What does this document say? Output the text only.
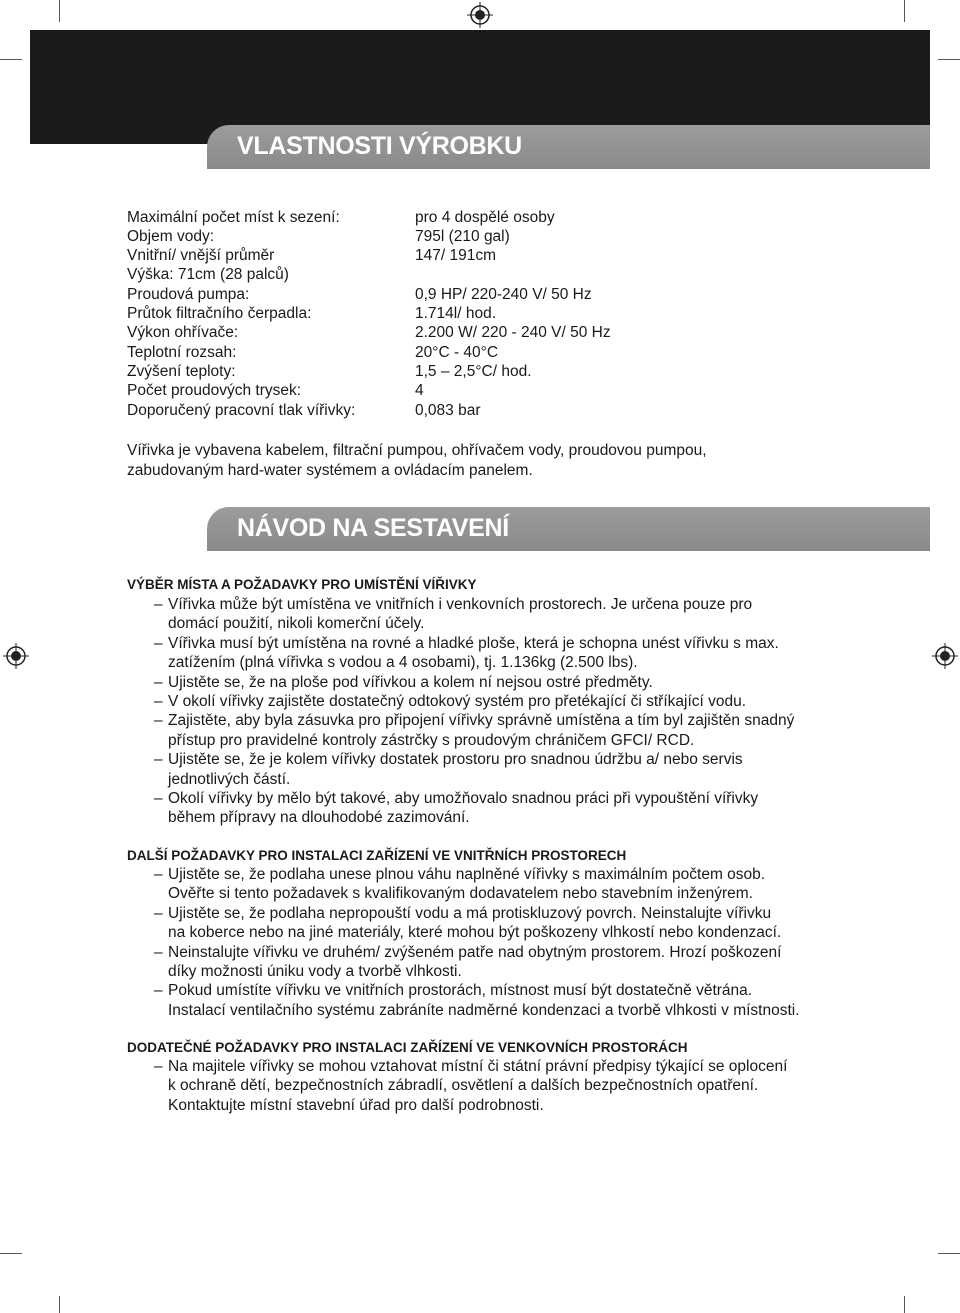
VLASTNOSTI VÝROBKU
Maximální počet míst k sezení:	pro 4 dospělé osoby
Objem vody:	795l (210 gal)
Vnitřní/ vnější průměr	147/ 191cm
Výška: 71cm (28 palců)
Proudová pumpa:	0,9 HP/ 220-240 V/ 50 Hz
Průtok filtračního čerpadla:	1.714l/ hod.
Výkon ohřívače:	2.200 W/ 220 - 240 V/ 50 Hz
Teplotní rozsah:	20°C - 40°C
Zvýšení teploty:	1,5 – 2,5°C/ hod.
Počet proudových trysek:	4
Doporučený pracovní tlak vířivky:	0,083 bar
Vířivka je vybavena kabelem, filtrační pumpou, ohřívačem vody, proudovou pumpou,
zabudovaným hard-water systémem a ovládacím panelem.
NÁVOD NA SESTAVENÍ
VÝBĚR MÍSTA A POŽADAVKY PRO UMÍSTĚNÍ VÍŘIVKY
– Vířivka může být umístěna ve vnitřních i venkovních prostorech. Je určena pouze pro
domácí použití, nikoli komerční účely.
– Vířivka musí být umístěna na rovné a hladké ploše, která je schopna unést vířivku s max.
zatížením (plná vířivka s vodou a 4 osobami), tj. 1.136kg (2.500 lbs).
– Ujistěte se, že na ploše pod vířivkou a kolem ní nejsou ostré předměty.
– V okolí vířivky zajistěte dostatečný odtokový systém pro přetékající či stříkající vodu.
– Zajistěte, aby byla zásuvka pro připojení vířivky správně umístěna a tím byl zajištěn snadný
přístup pro pravidelné kontroly zástrčky s proudovým chráničem GFCI/ RCD.
– Ujistěte se, že je kolem vířivky dostatek prostoru pro snadnou údržbu a/ nebo servis
jednotlivých částí.
– Okolí vířivky by mělo být takové, aby umožňovalo snadnou práci při vypouštění vířivky
během přípravy na dlouhodobé zazimování.
DALŠÍ POŽADAVKY PRO INSTALACI ZAŘÍZENÍ VE VNITŘNÍCH PROSTORECH
– Ujistěte se, že podlaha unese plnou váhu naplněné vířivky s maximálním počtem osob.
Ověřte si tento požadavek s kvalifikovaným dodavatelem nebo stavebním inženýrem.
– Ujistěte se, že podlaha nepropouští vodu a má protiskluzový povrch. Neinstalujte vířivku
na koberce nebo na jiné materiály, které mohou být poškozeny vlhkostí nebo kondenzací.
– Neinstalujte vířivku ve druhém/ zvýšeném patře nad obytným prostorem. Hrozí poškození
díky možnosti úniku vody a tvorbě vlhkosti.
– Pokud umístíte vířivku ve vnitřních prostorách, místnost musí být dostatečně větrána.
Instalací ventilačního systému zabráníte nadměrné kondenzaci a tvorbě vlhkosti v místnosti.
DODATEČNÉ POŽADAVKY PRO INSTALACI ZAŘÍZENÍ VE VENKOVNÍCH PROSTORÁCH
– Na majitele vířivky se mohou vztahovat místní či státní právní předpisy týkající se oplocení
k ochraně dětí, bezpečnostních zábradlí, osvětlení a dalších bezpečnostních opatření.
Kontaktujte místní stavební úřad pro další podrobnosti.
